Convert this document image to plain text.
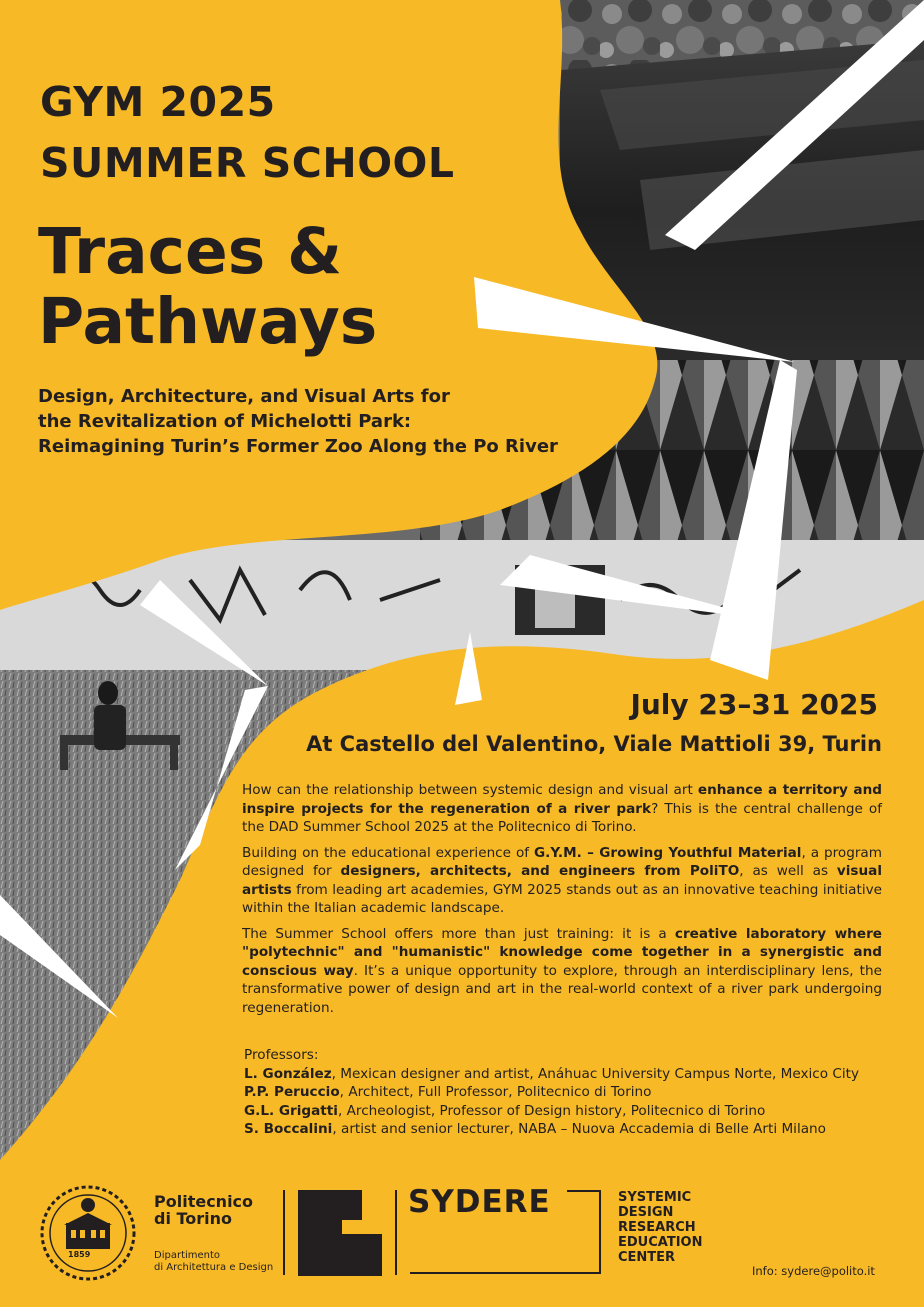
GYM 2025
SUMMER SCHOOL
Traces &
Pathways
Design, Architecture, and Visual Arts for
the Revitalization of Michelotti Park:
Reimagining Turin’s Former Zoo Along the Po River
July 23–31 2025
At Castello del Valentino, Viale Mattioli 39, Turin

How can the relationship between systemic design and visual art enhance a territory and inspire projects for the regeneration of a river park? This is the central challenge of the DAD Summer School 2025 at the Politecnico di Torino.

Building on the educational experience of G.Y.M. – Growing Youthful Material, a program designed for designers, architects, and engineers from PoliTO, as well as visual artists from leading art academies, GYM 2025 stands out as an innovative teaching initiative within the Italian academic landscape.

The Summer School offers more than just training: it is a creative laboratory where "polytechnic" and "humanistic" knowledge come together in a synergistic and conscious way. It’s a unique opportunity to explore, through an interdisciplinary lens, the transformative power of design and art in the real-world context of a river park undergoing regeneration.

Professors:
L. González, Mexican designer and artist, Anáhuac University Campus Norte, Mexico City
P.P. Peruccio, Architect, Full Professor, Politecnico di Torino
G.L. Grigatti, Archeologist, Professor of Design history, Politecnico di Torino
S. Boccalini, artist and senior lecturer, NABA – Nuova Accademia di Belle Arti Milano
1859
Politecnico
di Torino
Dipartimento
di Architettura e Design
SYDERE	SYSTEMIC
DESIGN
RESEARCH
EDUCATION
CENTER
Info: sydere@polito.it
